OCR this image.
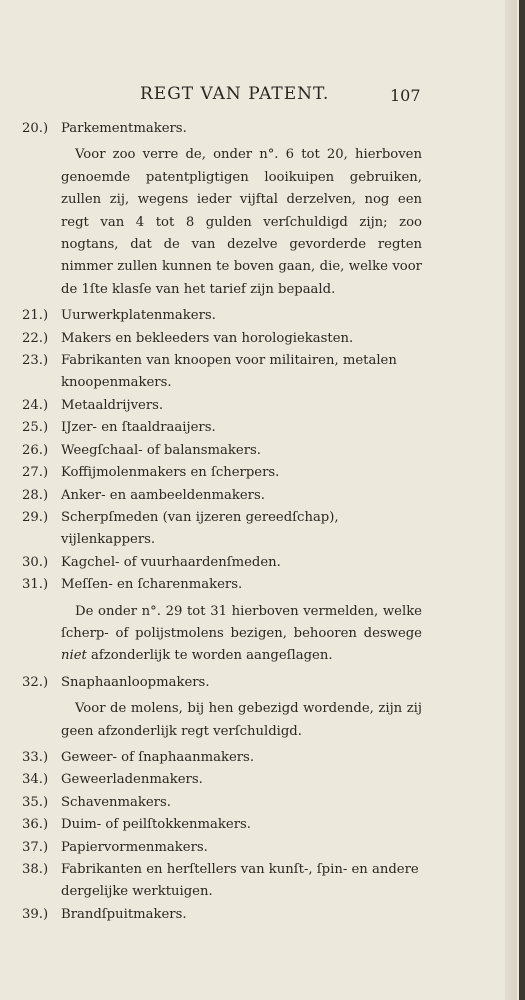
REGT VAN PATENT.	107
20.) Parkementmakers.

Voor zoo verre de, onder n°. 6 tot 20, hierboven genoemde patentpligtigen looikuipen gebruiken, zullen zij, wegens ieder vijftal derzelven, nog een regt van 4 tot 8 gulden verſchuldigd zijn; zoo nogtans, dat de van dezelve gevorderde regten nimmer zullen kunnen te boven gaan, die, welke voor de 1ſte klasſe van het tarief zijn bepaald.

21.) Uurwerkplatenmakers.
22.) Makers en bekleeders van horologiekasten.
23.) Fabrikanten van knoopen voor militairen, metalen knoopenmakers.
24.) Metaaldrijvers.
25.) IJzer- en ſtaaldraaijers.
26.) Weegſchaal- of balansmakers.
27.) Koffijmolenmakers en ſcherpers.
28.) Anker- en aambeeldenmakers.
29.) Scherpſmeden (van ijzeren gereedſchap), vijlenkappers.
30.) Kagchel- of vuurhaardenſmeden.
31.) Meſſen- en ſcharenmakers.

De onder n°. 29 tot 31 hierboven vermelden, welke ſcherp- of polijstmolens bezigen, behooren deswege niet afzonderlijk te worden aangeſlagen.

32.) Snaphaanloopmakers.

Voor de molens, bij hen gebezigd wordende, zijn zij geen afzonderlijk regt verſchuldigd.

33.) Geweer- of ſnaphaanmakers.
34.) Geweerladenmakers.
35.) Schavenmakers.
36.) Duim- of peilſtokkenmakers.
37.) Papiervormenmakers.
38.) Fabrikanten en herſtellers van kunſt-, ſpin- en andere dergelijke werktuigen.
39.) Brandſpuitmakers.
